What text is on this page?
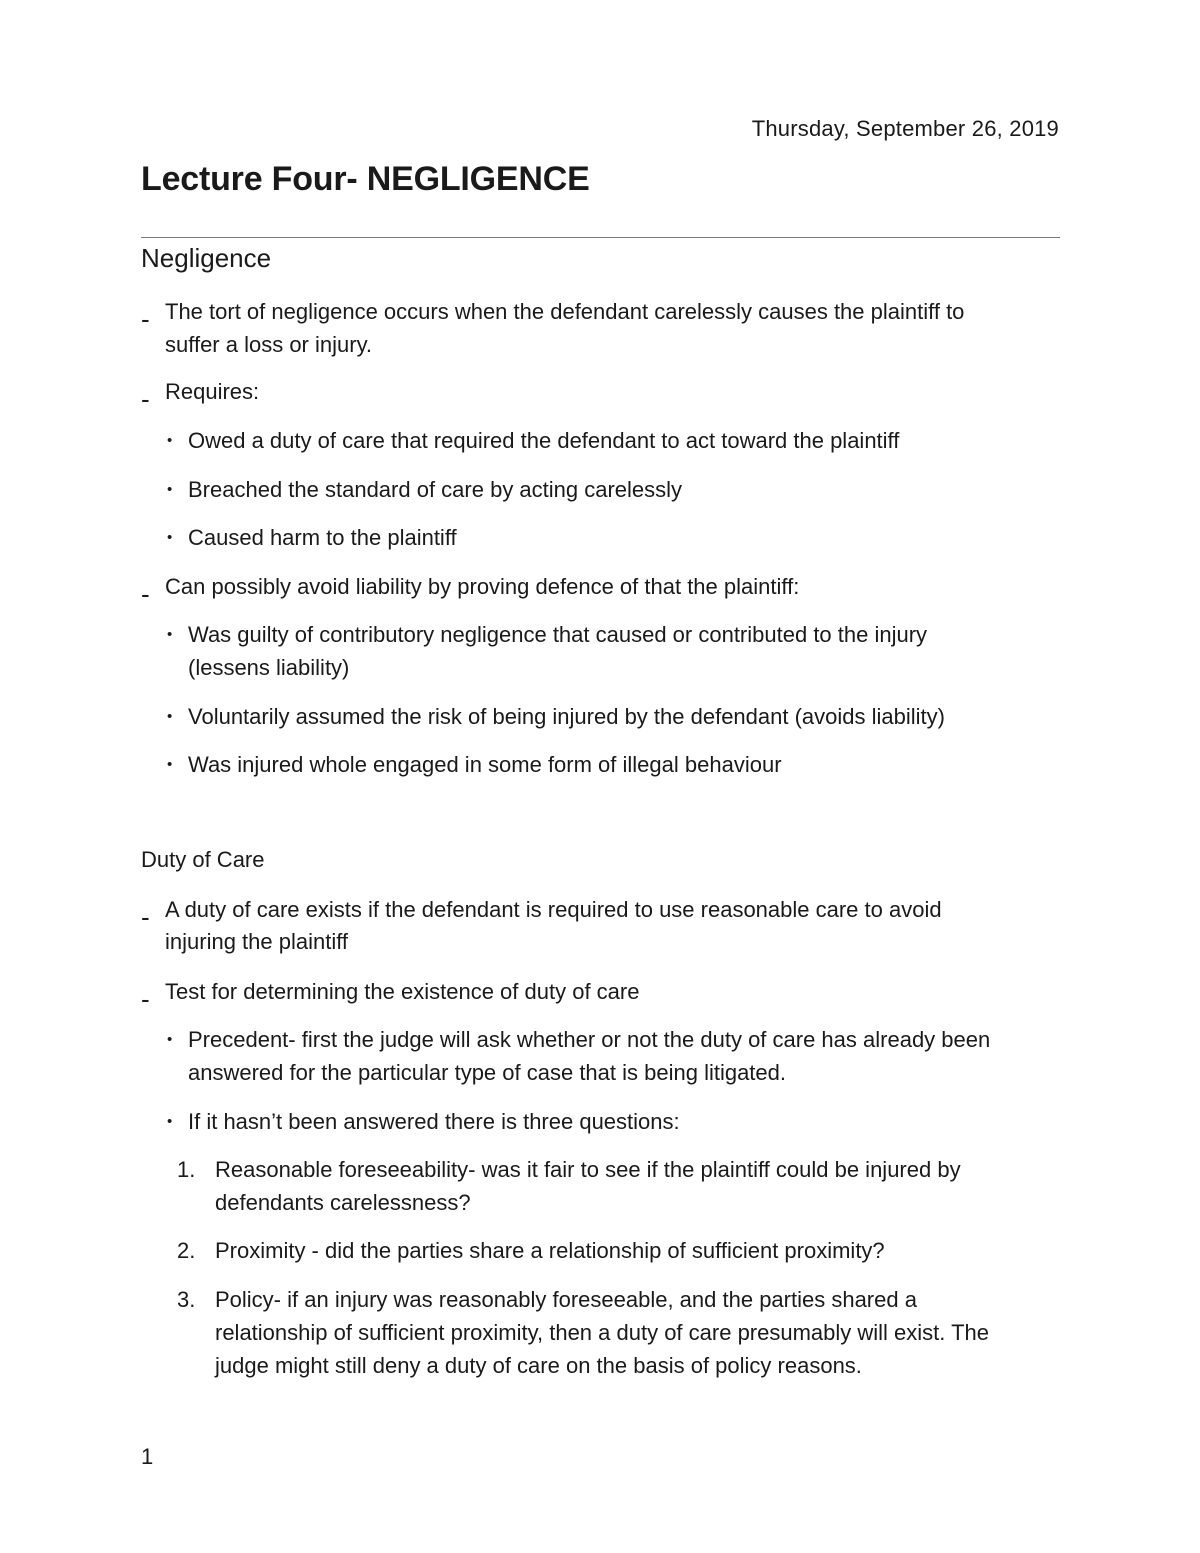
Thursday, September 26, 2019
Lecture Four- NEGLIGENCE
Negligence
- The tort of negligence occurs when the defendant carelessly causes the plaintiff to

suffer a loss or injury.

- Requires:

• Owed a duty of care that required the defendant to act toward the plaintiff

• Breached the standard of care by acting carelessly

• Caused harm to the plaintiff

- Can possibly avoid liability by proving defence of that the plaintiff:

• Was guilty of contributory negligence that caused or contributed to the injury

(lessens liability)

• Voluntarily assumed the risk of being injured by the defendant (avoids liability)

• Was injured whole engaged in some form of illegal behaviour

Duty of Care
- A duty of care exists if the defendant is required to use reasonable care to avoid

injuring the plaintiff

- Test for determining the existence of duty of care

• Precedent- first the judge will ask whether or not the duty of care has already been

answered for the particular type of case that is being litigated.

• If it hasn’t been answered there is three questions:

1. Reasonable foreseeability- was it fair to see if the plaintiff could be injured by

defendants carelessness?

2. Proximity - did the parties share a relationship of sufficient proximity?

3. Policy- if an injury was reasonably foreseeable, and the parties shared a

relationship of sufficient proximity, then a duty of care presumably will exist. The

judge might still deny a duty of care on the basis of policy reasons.

1
